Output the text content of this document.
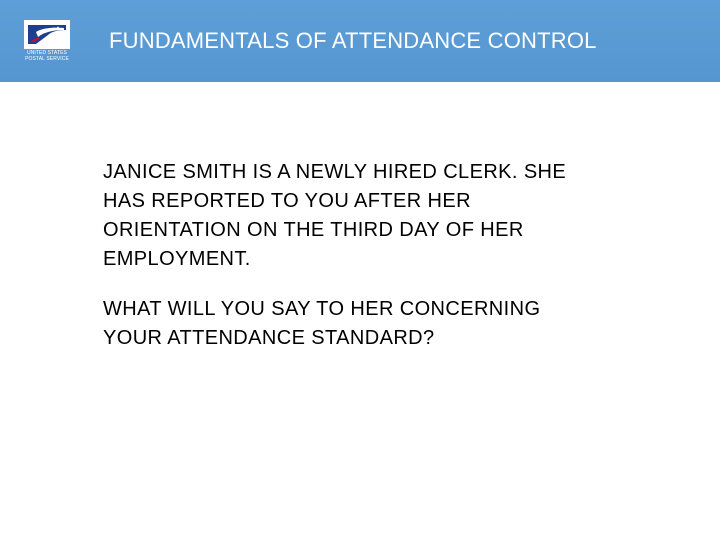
UNITED STATES
POSTAL SERVICE
FUNDAMENTALS OF ATTENDANCE CONTROL

JANICE SMITH IS A NEWLY HIRED CLERK. SHE
HAS REPORTED TO YOU AFTER HER
ORIENTATION ON THE THIRD DAY OF HER
EMPLOYMENT.

WHAT WILL YOU SAY TO HER CONCERNING
YOUR ATTENDANCE STANDARD?
